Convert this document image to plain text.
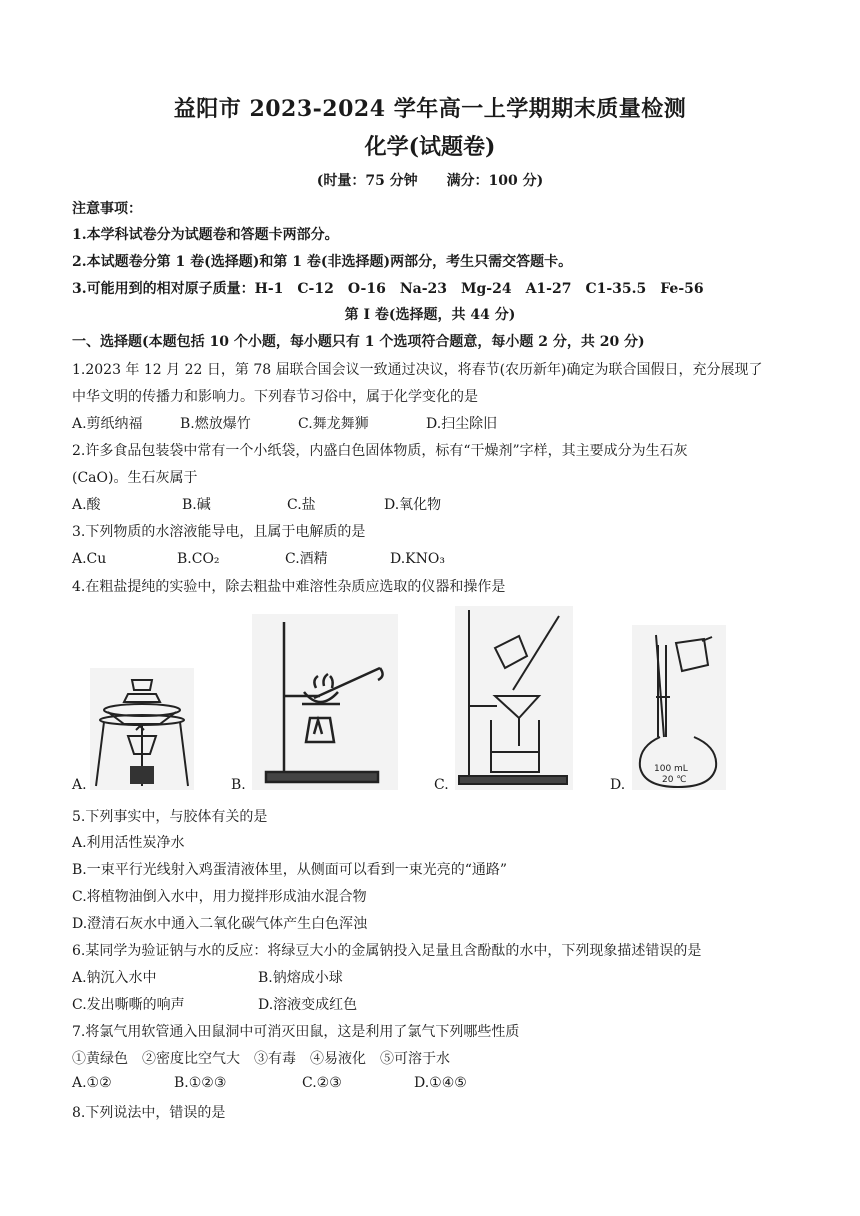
益阳市 2023-2024 学年高一上学期期末质量检测
化学(试题卷)
(时量：75 分钟 满分：100 分)
注意事项：
1.本学科试卷分为试题卷和答题卡两部分。
2.本试题卷分第 1 卷(选择题)和第 1 卷(非选择题)两部分，考生只需交答题卡。
3.可能用到的相对原子质量：H-1　C-12　O-16　Na-23　Mg-24　A1-27　C1-35.5　Fe-56
第 I 卷(选择题，共 44 分)
一、选择题(本题包括 10 个小题，每小题只有 1 个选项符合题意，每小题 2 分，共 20 分)
1.2023 年 12 月 22 日，第 78 届联合国会议一致通过决议，将春节(农历新年)确定为联合国假日，充分展现了
中华文明的传播力和影响力。下列春节习俗中，属于化学变化的是
A.剪纸纳福	B.燃放爆竹	C.舞龙舞狮	D.扫尘除旧
2.许多食品包装袋中常有一个小纸袋，内盛白色固体物质，标有“干燥剂”字样，其主要成分为生石灰
(CaO)。生石灰属于
A.酸	B.碱	C.盐	D.氧化物
3.下列物质的水溶液能导电，且属于电解质的是
A.Cu	B.CO₂	C.酒精	D.KNO₃
4.在粗盐提纯的实验中，除去粗盐中难溶性杂质应选取的仪器和操作是
A.	B.	C.
100 mL
20 ℃
D.
5.下列事实中，与胶体有关的是
A.利用活性炭净水
B.一束平行光线射入鸡蛋清液体里，从侧面可以看到一束光亮的“通路”
C.将植物油倒入水中，用力搅拌形成油水混合物
D.澄清石灰水中通入二氧化碳气体产生白色浑浊
6.某同学为验证钠与水的反应：将绿豆大小的金属钠投入足量且含酚酞的水中，下列现象描述错误的是
A.钠沉入水中	B.钠熔成小球
C.发出嘶嘶的响声	D.溶液变成红色
7.将氯气用软管通入田鼠洞中可消灭田鼠，这是利用了氯气下列哪些性质
①黄绿色　②密度比空气大　③有毒　④易液化　⑤可溶于水
A.①②	B.①②③	C.②③	D.①④⑤
8.下列说法中，错误的是
